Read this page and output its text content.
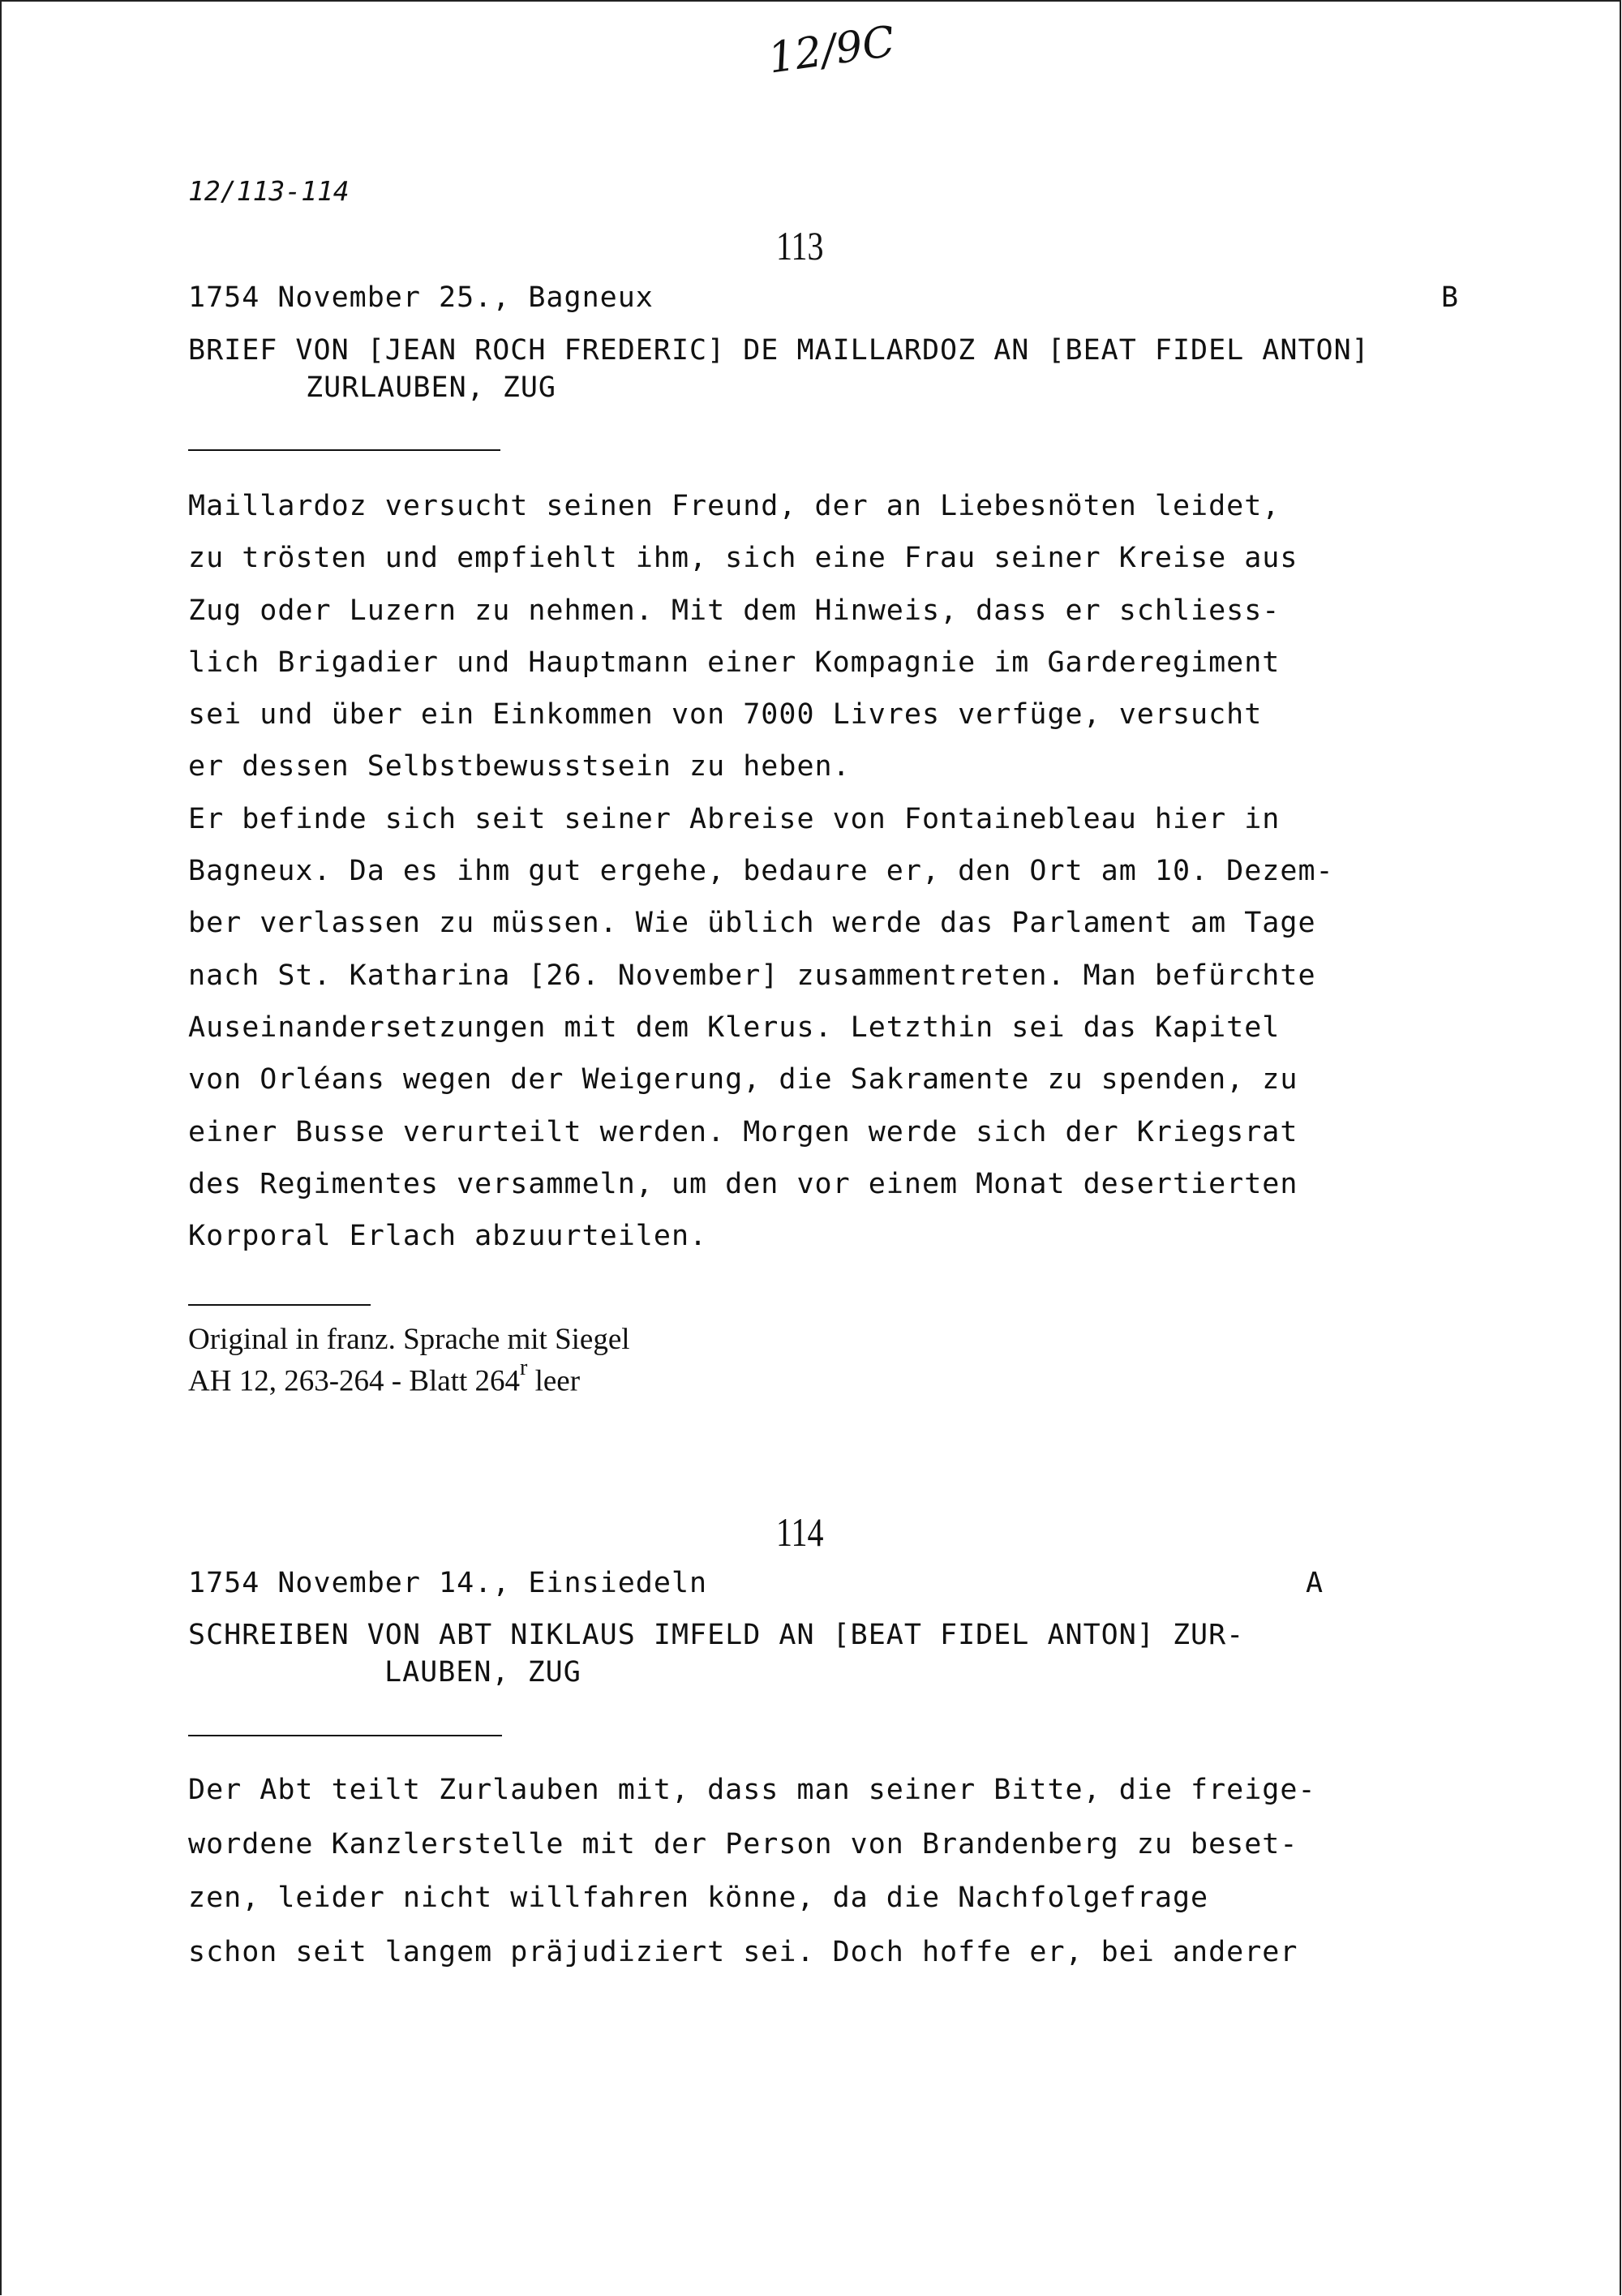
12/9C
12/113-114
113
1754 November 25., Bagneux	B
BRIEF VON [JEAN ROCH FREDERIC] DE MAILLARDOZ AN [BEAT FIDEL ANTON]
ZURLAUBEN, ZUG
Maillardoz versucht seinen Freund, der an Liebesnöten leidet,
zu trösten und empfiehlt ihm, sich eine Frau seiner Kreise aus
Zug oder Luzern zu nehmen. Mit dem Hinweis, dass er schliess-
lich Brigadier und Hauptmann einer Kompagnie im Garderegiment
sei und über ein Einkommen von 7000 Livres verfüge, versucht
er dessen Selbstbewusstsein zu heben.
Er befinde sich seit seiner Abreise von Fontainebleau hier in
Bagneux. Da es ihm gut ergehe, bedaure er, den Ort am 10. Dezem-
ber verlassen zu müssen. Wie üblich werde das Parlament am Tage
nach St. Katharina [26. November] zusammentreten. Man befürchte
Auseinandersetzungen mit dem Klerus. Letzthin sei das Kapitel
von Orléans wegen der Weigerung, die Sakramente zu spenden, zu
einer Busse verurteilt werden. Morgen werde sich der Kriegsrat
des Regimentes versammeln, um den vor einem Monat desertierten
Korporal Erlach abzuurteilen.
Original in franz. Sprache mit Siegel
AH 12, 263-264 - Blatt 264$^r$ leer
114
1754 November 14., Einsiedeln	A
SCHREIBEN VON ABT NIKLAUS IMFELD AN [BEAT FIDEL ANTON] ZUR-
LAUBEN, ZUG
Der Abt teilt Zurlauben mit, dass man seiner Bitte, die freige-
wordene Kanzlerstelle mit der Person von Brandenberg zu beset-
zen, leider nicht willfahren könne, da die Nachfolgefrage
schon seit langem präjudiziert sei. Doch hoffe er, bei anderer
